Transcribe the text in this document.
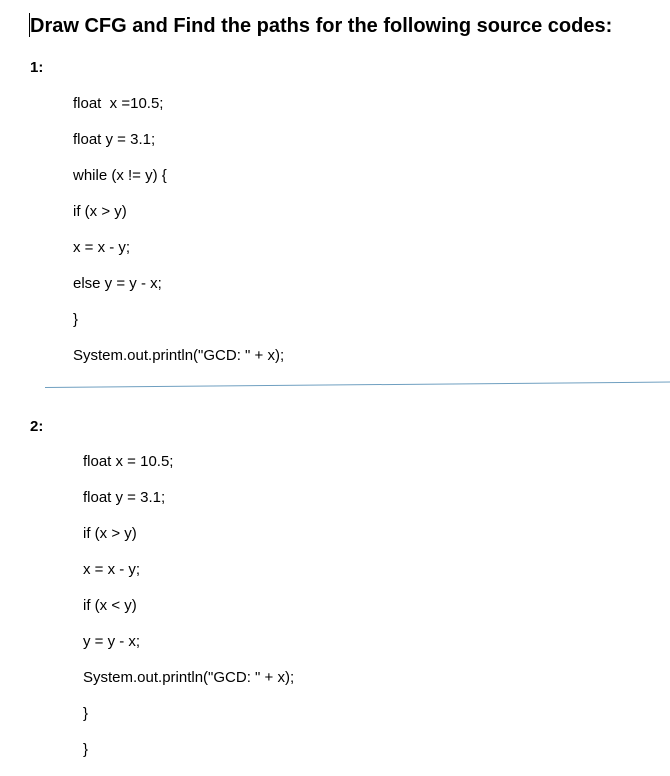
Draw CFG and Find the paths for the following source codes:
1:
float  x =10.5;
float y = 3.1;
while (x != y) {
if (x > y)
x = x - y;
else y = y - x;
}
System.out.println("GCD: " + x);
2:
float x = 10.5;
float y = 3.1;
if (x > y)
x = x - y;
if (x < y)
y = y - x;
System.out.println("GCD: " + x);
}
}
